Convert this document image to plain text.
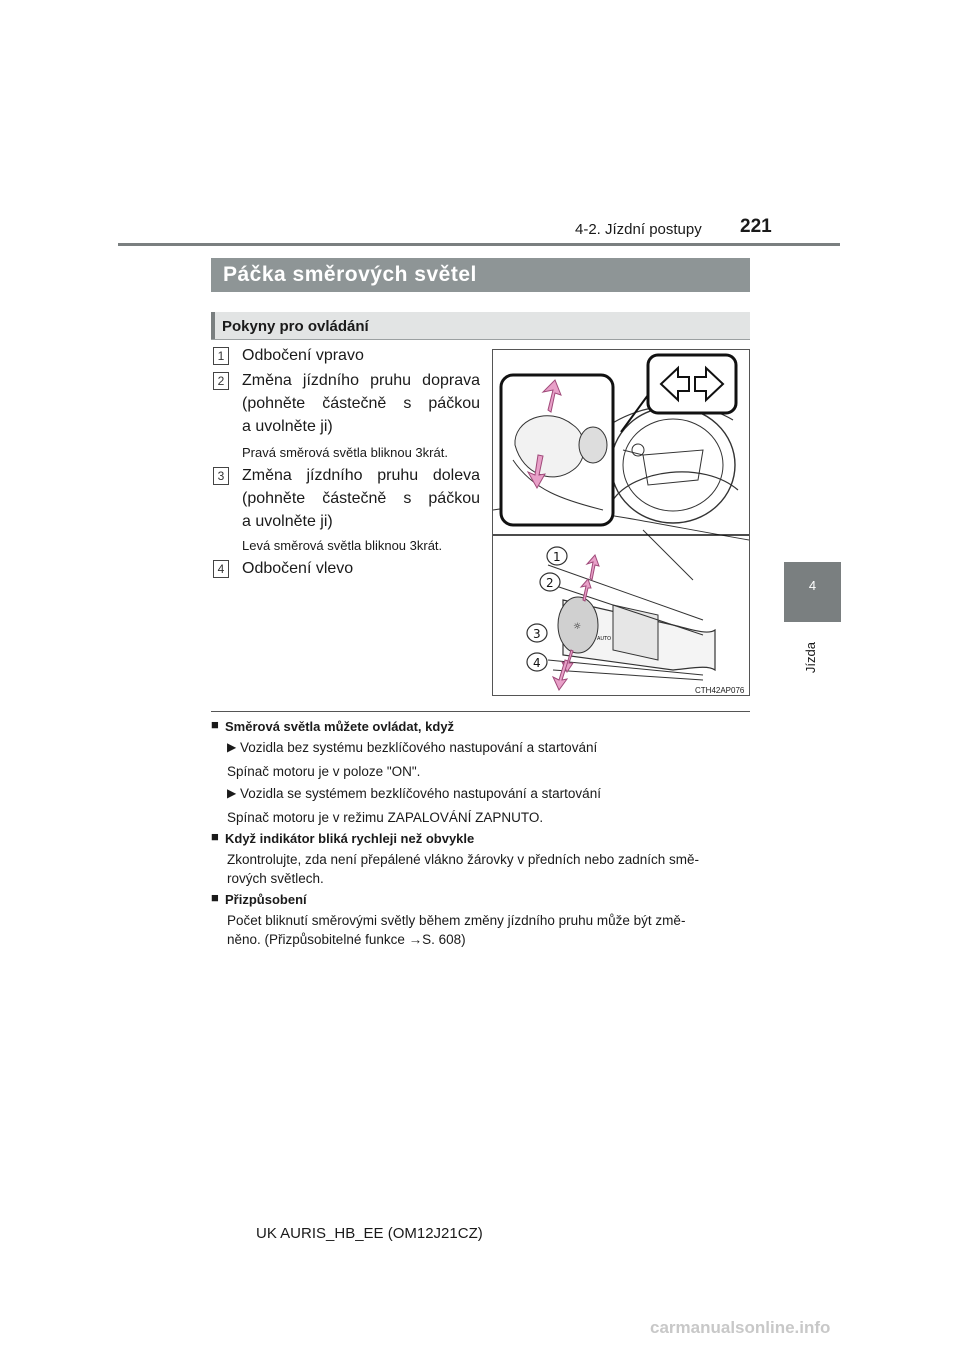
4-2. Jízdní postupy 221
4
Jízda
Páčka směrových světel
Pokyny pro ovládání
1 Odbočení vpravo
2 Změna jízdního pruhu doprava
(pohněte částečně s páčkou
a uvolněte ji)
Pravá směrová světla bliknou 3krát.
3 Změna jízdního pruhu doleva
(pohněte částečně s páčkou
a uvolněte ji)
Levá směrová světla bliknou 3krát.
4 Odbočení vlevo
☼
AUTO
1
2
3
4
CTH42AP076
■ Směrová světla můžete ovládat, když
▶ Vozidla bez systému bezklíčového nastupování a startování
Spínač motoru je v poloze "ON".
▶ Vozidla se systémem bezklíčového nastupování a startování
Spínač motoru je v režimu ZAPALOVÁNÍ ZAPNUTO.
■ Když indikátor bliká rychleji než obvykle
Zkontrolujte, zda není přepálené vlákno žárovky v předních nebo zadních smě-
rových světlech.
■ Přizpůsobení
Počet bliknutí směrovými světly během změny jízdního pruhu může být změ-
něno. (Přizpůsobitelné funkce →S. 608)
UK AURIS_HB_EE (OM12J21CZ)
carmanualsonline.info
